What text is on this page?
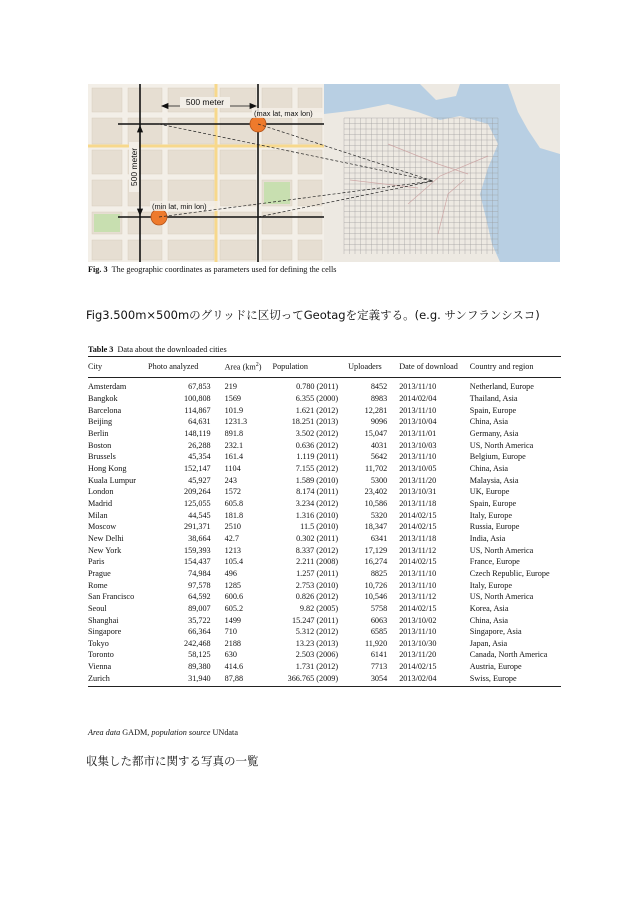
500 meter
500 meter
(max lat, max lon)
(min lat, min lon)
Fig. 3 The geographic coordinates as parameters used for defining the cells
Fig3.500m×500mのグリッドに区切ってGeotagを定義する。(e.g. サンフランシスコ)
Table 3 Data about the downloaded cities
City	Photo analyzed	Area $(km^2)$	Population	Uploaders	Date of download	Country and region
Amsterdam	67,853	219	0.780 (2011)	8452	2013/11/10	Netherland, Europe
Bangkok	100,808	1569	6.355 (2000)	8983	2014/02/04	Thailand, Asia
Barcelona	114,867	101.9	1.621 (2012)	12,281	2013/11/10	Spain, Europe
Beijing	64,631	1231.3	18.251 (2013)	9096	2013/10/04	China, Asia
Berlin	148,119	891.8	3.502 (2012)	15,047	2013/11/01	Germany, Asia
Boston	26,288	232.1	0.636 (2012)	4031	2013/10/03	US, North America
Brussels	45,354	161.4	1.119 (2011)	5642	2013/11/10	Belgium, Europe
Hong Kong	152,147	1104	7.155 (2012)	11,702	2013/10/05	China, Asia
Kuala Lumpur	45,927	243	1.589 (2010)	5300	2013/11/20	Malaysia, Asia
London	209,264	1572	8.174 (2011)	23,402	2013/10/31	UK, Europe
Madrid	125,055	605.8	3.234 (2012)	10,586	2013/11/18	Spain, Europe
Milan	44,545	181.8	1.316 (2010)	5320	2014/02/15	Italy, Europe
Moscow	291,371	2510	11.5 (2010)	18,347	2014/02/15	Russia, Europe
New Delhi	38,664	42.7	0.302 (2011)	6341	2013/11/18	India, Asia
New York	159,393	1213	8.337 (2012)	17,129	2013/11/12	US, North America
Paris	154,437	105.4	2.211 (2008)	16,274	2014/02/15	France, Europe
Prague	74,984	496	1.257 (2011)	8825	2013/11/10	Czech Republic, Europe
Rome	97,578	1285	2.753 (2010)	10,726	2013/11/10	Italy, Europe
San Francisco	64,592	600.6	0.826 (2012)	10,546	2013/11/12	US, North America
Seoul	89,007	605.2	9.82 (2005)	5758	2014/02/15	Korea, Asia
Shanghai	35,722	1499	15.247 (2011)	6063	2013/10/02	China, Asia
Singapore	66,364	710	5.312 (2012)	6585	2013/11/10	Singapore, Asia
Tokyo	242,468	2188	13.23 (2013)	11,920	2013/10/30	Japan, Asia
Toronto	58,125	630	2.503 (2006)	6141	2013/11/20	Canada, North America
Vienna	89,380	414.6	1.731 (2012)	7713	2014/02/15	Austria, Europe
Zurich	31,940	87,88	366.765 (2009)	3054	2013/02/04	Swiss, Europe
Area data GADM, population source UNdata
収集した都市に関する写真の一覧
